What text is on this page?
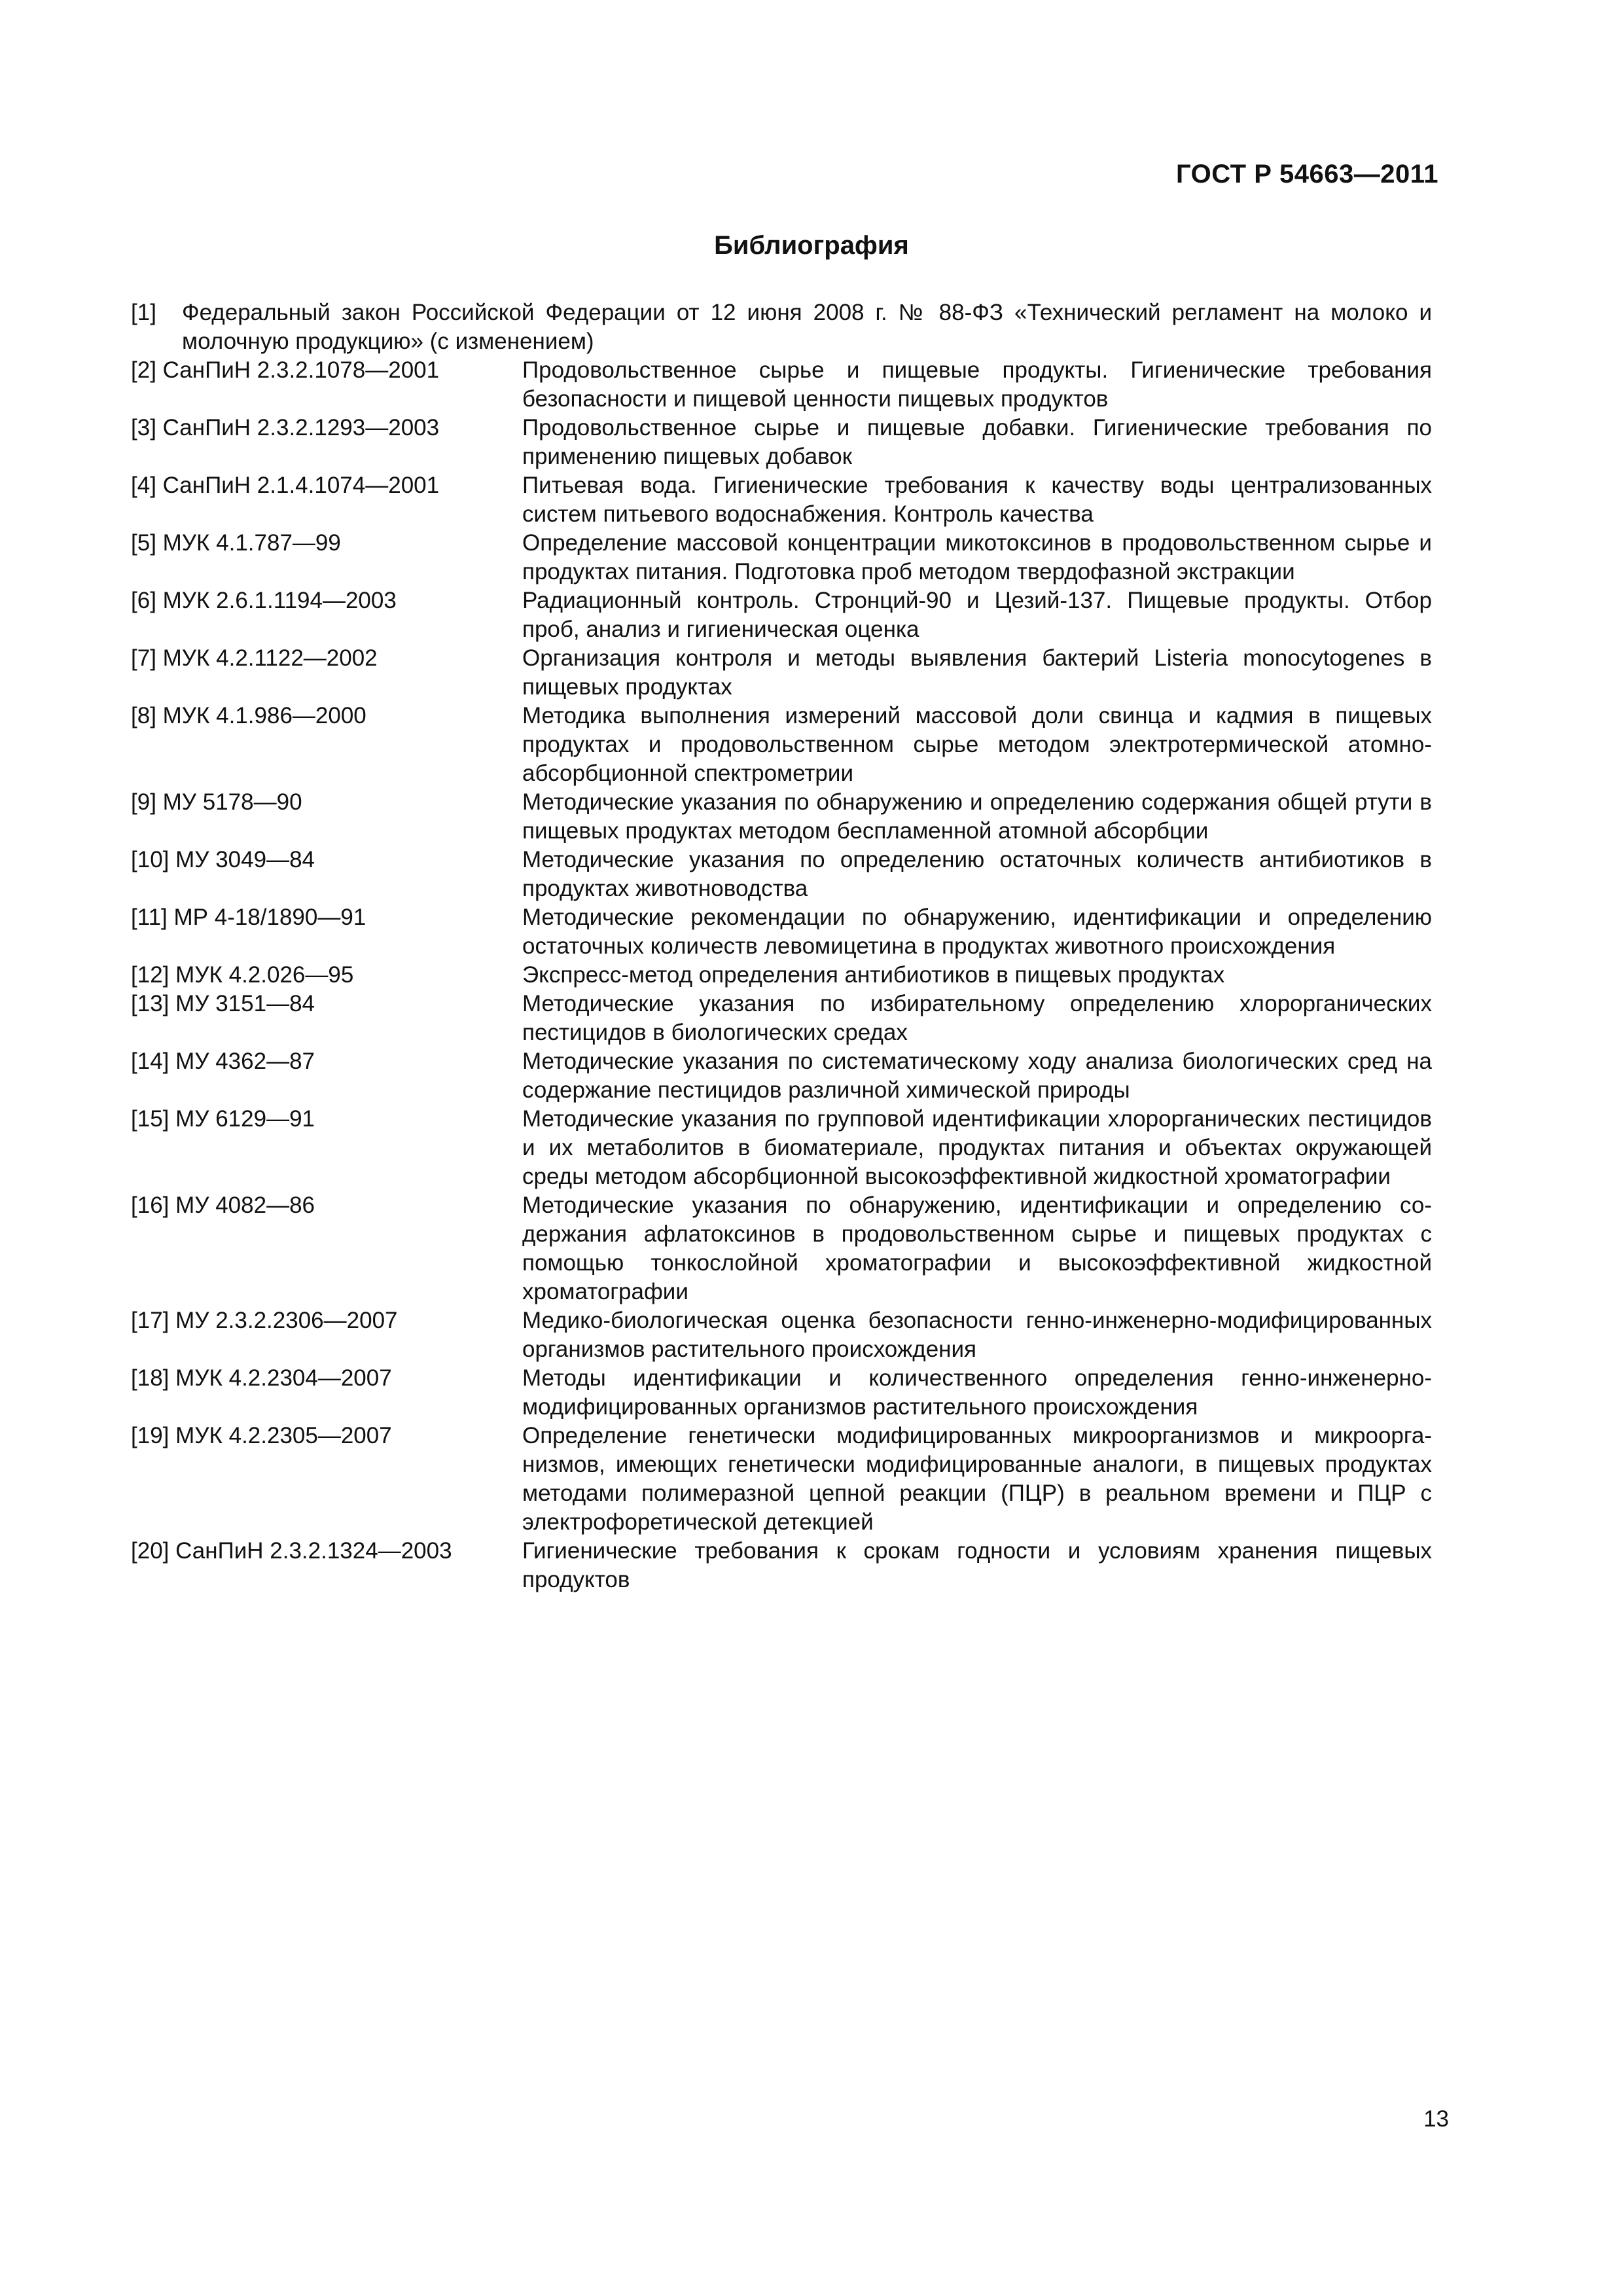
ГОСТ Р 54663—2011
Библиография
[1]	Федеральный закон Российской Федерации от 12 июня 2008 г. № 88-ФЗ «Технический регламент на молоко и молочную продукцию» (с изменением)
[2] СанПиН 2.3.2.1078—2001	Продовольственное сырье и пищевые продукты. Гигиенические требования безопасности и пищевой ценности пищевых продуктов
[3] СанПиН 2.3.2.1293—2003	Продовольственное сырье и пищевые добавки. Гигиенические требования по применению пищевых добавок
[4] СанПиН 2.1.4.1074—2001	Питьевая вода. Гигиенические требования к качеству воды централизованных систем питьевого водоснабжения. Контроль качества
[5] МУК 4.1.787—99	Определение массовой концентрации микотоксинов в продовольственном сырье и продуктах питания. Подготовка проб методом твердофазной экстракции
[6] МУК 2.6.1.1194—2003	Радиационный контроль. Стронций-90 и Цезий-137. Пищевые продукты. Отбор проб, анализ и гигиеническая оценка
[7] МУК 4.2.1122—2002	Организация контроля и методы выявления бактерий Listeria monocytogenes в пищевых продуктах
[8] МУК 4.1.986—2000	Методика выполнения измерений массовой доли свинца и кадмия в пищевых продуктах и продовольственном сырье методом электротермической атомно-абсорбционной спектрометрии
[9] МУ 5178—90	Методические указания по обнаружению и определению содержания общей ртути в пищевых продуктах методом беспламенной атомной абсорбции
[10] МУ 3049—84	Методические указания по определению остаточных количеств антибиотиков в продуктах животноводства
[11] МР 4-18/1890—91	Методические рекомендации по обнаружению, идентификации и определению остаточных количеств левомицетина в продуктах животного происхождения
[12] МУК 4.2.026—95	Экспресс-метод определения антибиотиков в пищевых продуктах
[13] МУ 3151—84	Методические указания по избирательному определению хлорорганических пестицидов в биологических средах
[14] МУ 4362—87	Методические указания по систематическому ходу анализа биологических сред на содержание пестицидов различной химической природы
[15] МУ 6129—91	Методические указания по групповой идентификации хлорорганических пестицидов и их метаболитов в биоматериале, продуктах питания и объектах окружающей среды методом абсорбционной высокоэффективной жидкостной хроматографии
[16] МУ 4082—86	Методические указания по обнаружению, идентификации и определению содержания афлатоксинов в продовольственном сырье и пищевых продуктах с помощью тонкослойной хроматографии и высокоэффективной жидкостной хроматографии
[17] МУ 2.3.2.2306—2007	Медико-биологическая оценка безопасности генно-инженерно-модифицированных организмов растительного происхождения
[18] МУК 4.2.2304—2007	Методы идентификации и количественного определения генно-инженерно-модифицированных организмов растительного происхождения
[19] МУК 4.2.2305—2007	Определение генетически модифицированных микроорганизмов и микроорганизмов, имеющих генетически модифицированные аналоги, в пищевых продуктах методами полимеразной цепной реакции (ПЦР) в реальном времени и ПЦР с электрофоретической детекцией
[20] СанПиН 2.3.2.1324—2003	Гигиенические требования к срокам годности и условиям хранения пищевых продуктов
13
